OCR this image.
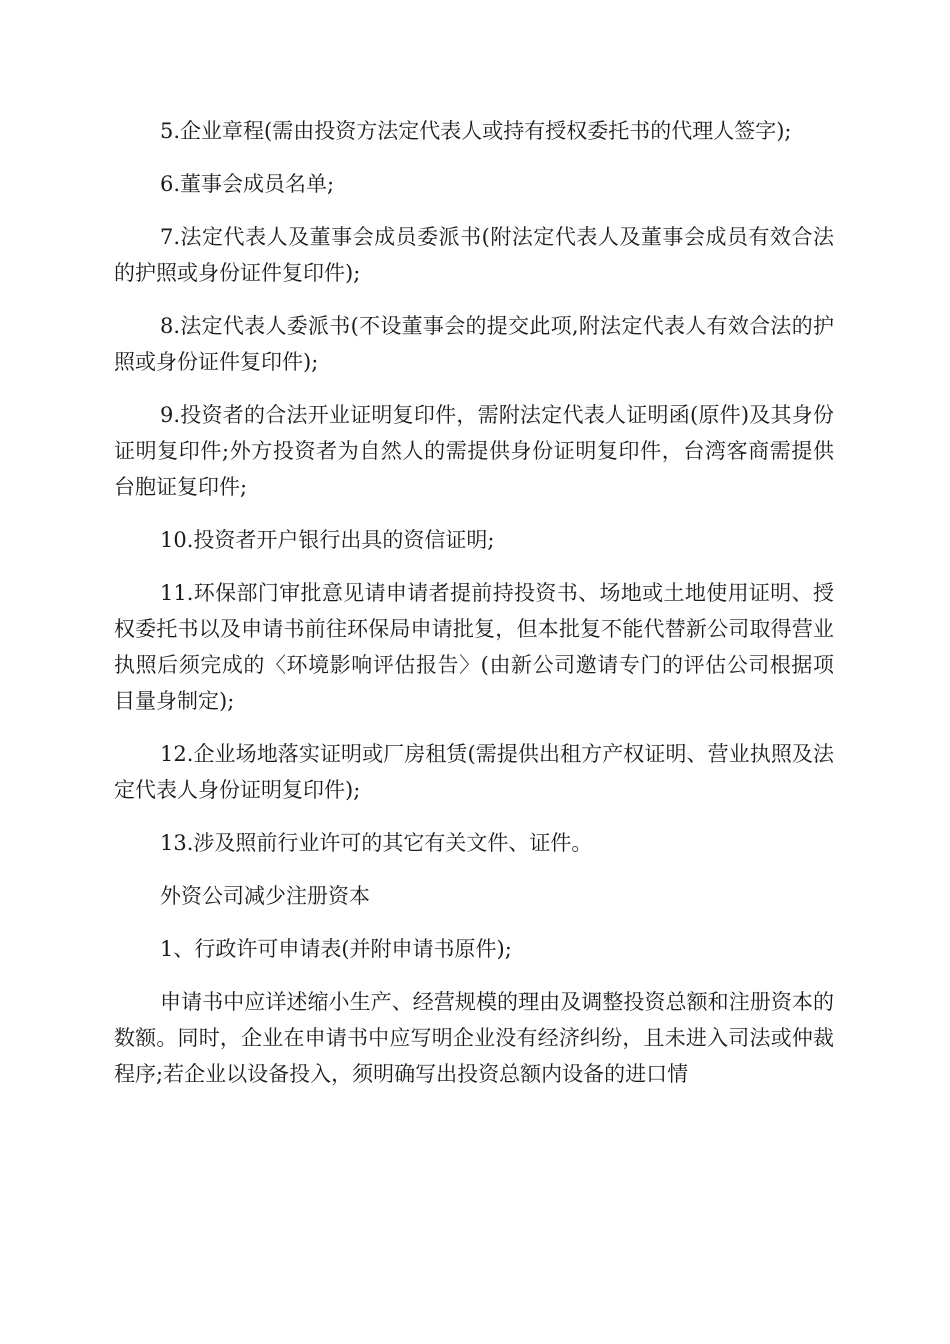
5.企业章程(需由投资方法定代表人或持有授权委托书的代理人签字);

6.董事会成员名单;

7.法定代表人及董事会成员委派书(附法定代表人及董事会成员有效合法的护照或身份证件复印件);

8.法定代表人委派书(不设董事会的提交此项,附法定代表人有效合法的护照或身份证件复印件);

9.投资者的合法开业证明复印件，需附法定代表人证明函(原件)及其身份证明复印件;外方投资者为自然人的需提供身份证明复印件，台湾客商需提供台胞证复印件;

10.投资者开户银行出具的资信证明;

11.环保部门审批意见请申请者提前持投资书、场地或土地使用证明、授权委托书以及申请书前往环保局申请批复，但本批复不能代替新公司取得营业执照后须完成的〈环境影响评估报告〉(由新公司邀请专门的评估公司根据项目量身制定);

12.企业场地落实证明或厂房租赁(需提供出租方产权证明、营业执照及法定代表人身份证明复印件);

13.涉及照前行业许可的其它有关文件、证件。

外资公司减少注册资本

1、行政许可申请表(并附申请书原件);

申请书中应详述缩小生产、经营规模的理由及调整投资总额和注册资本的数额。同时，企业在申请书中应写明企业没有经济纠纷，且未进入司法或仲裁程序;若企业以设备投入，须明确写出投资总额内设备的进口情
